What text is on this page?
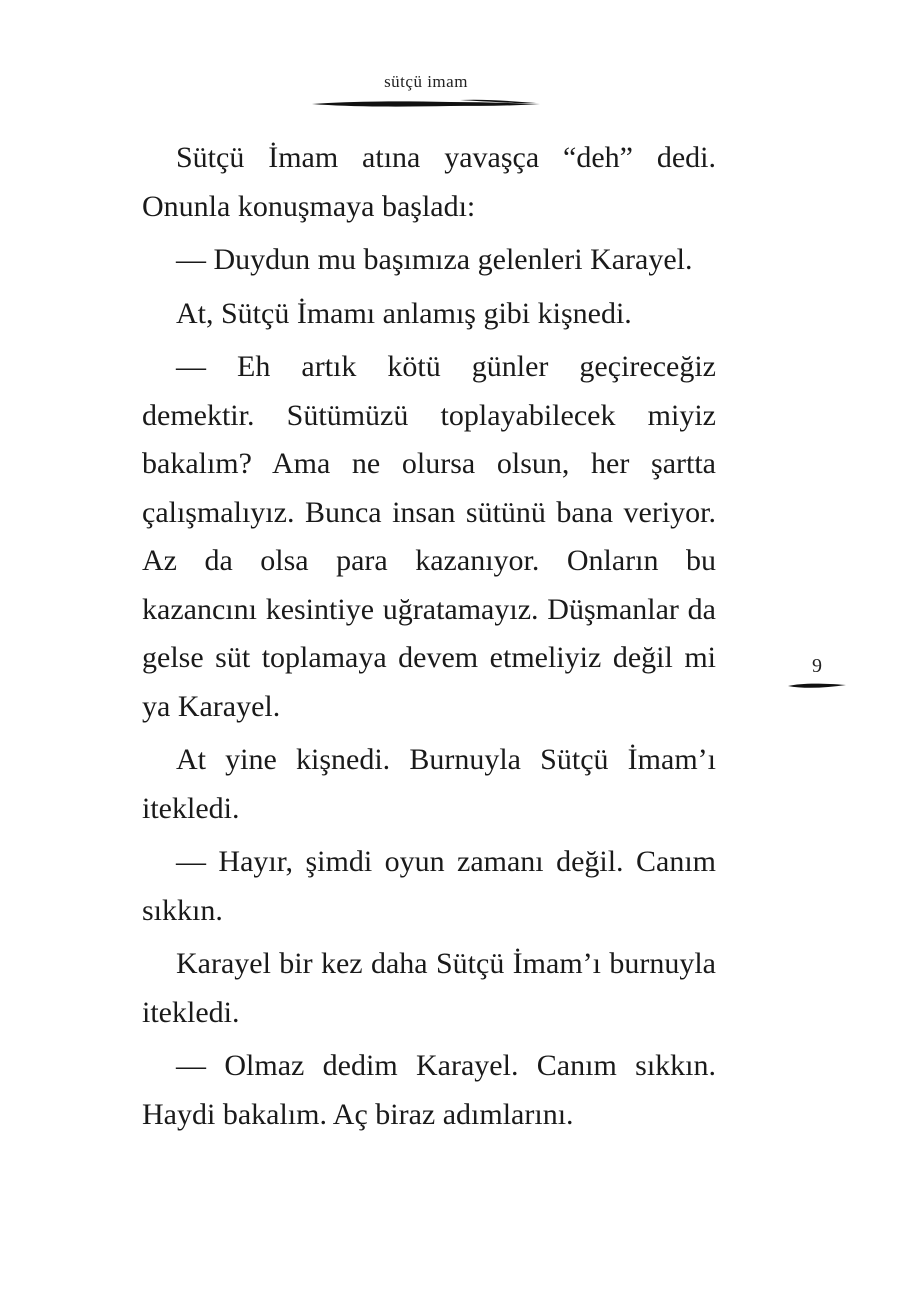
sütçü imam

Sütçü İmam atına yavaşça “deh” dedi. Onunla konuşmaya başladı:

— Duydun mu başımıza gelenleri Karayel.

At, Sütçü İmamı anlamış gibi kişnedi.

— Eh artık kötü günler geçireceğiz demektir. Sütümüzü toplayabilecek miyiz bakalım? Ama ne olursa olsun, her şartta çalışmalıyız. Bunca insan sütünü bana veriyor. Az da olsa para kazanıyor. Onların bu kazancını kesintiye uğratamayız. Düşmanlar da gelse süt toplamaya devem etmeliyiz değil mi ya Karayel.

At yine kişnedi. Burnuyla Sütçü İmam’ı itekledi.

— Hayır, şimdi oyun zamanı değil. Canım sıkkın.

Karayel bir kez daha Sütçü İmam’ı burnuyla itekledi.

— Olmaz dedim Karayel. Canım sıkkın. Haydi bakalım. Aç biraz adımlarını.

9
